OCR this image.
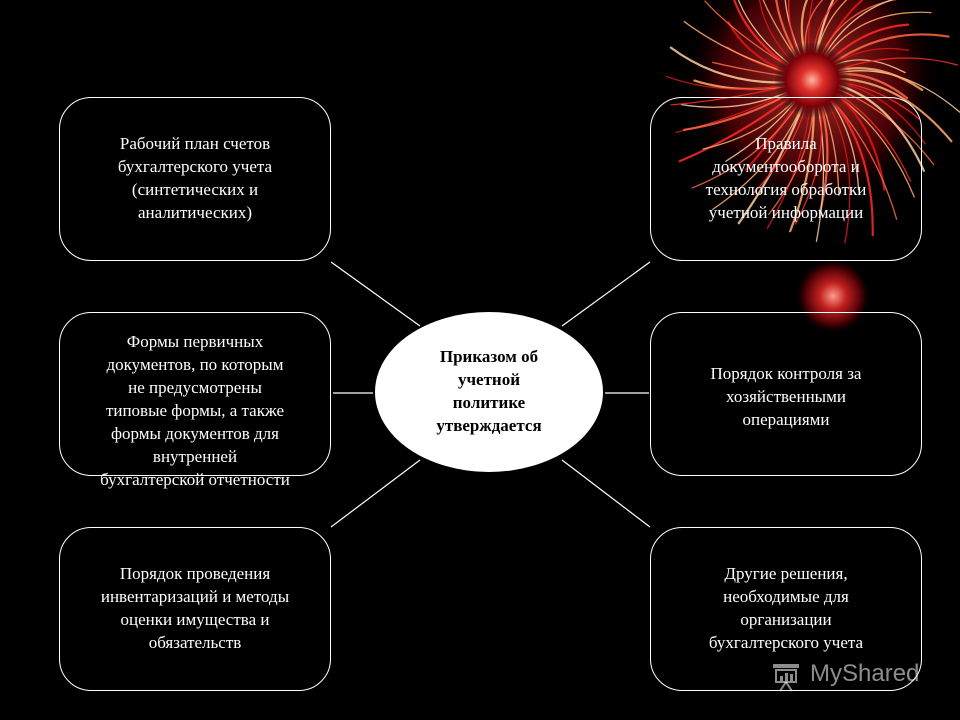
Рабочий план счетов
бухгалтерского учета
(синтетических и
аналитических)
Формы первичных
документов, по которым
не предусмотрены
типовые формы, а также
формы документов для
внутренней
бухгалтерской отчетности
Порядок проведения
инвентаризаций и методы
оценки имущества и
обязательств
Правила
документооборота и
технология обработки
учетной информации
Порядок контроля за
хозяйственными
операциями
Другие решения,
необходимые для
организации
бухгалтерского учета
Приказом об
учетной
политике
утверждается
MyShared
